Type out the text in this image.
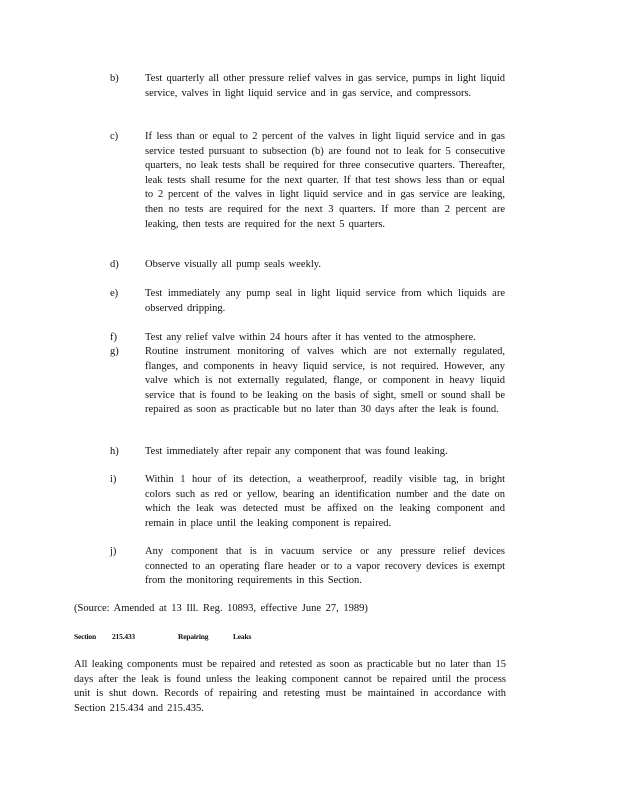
b)	Test quarterly all other pressure relief valves in gas service, pumps in light liquid service, valves in light liquid service and in gas service, and compressors.
c)	If less than or equal to 2 percent of the valves in light liquid service and in gas service tested pursuant to subsection (b) are found not to leak for 5 consecutive quarters, no leak tests shall be required for three consecutive quarters. Thereafter, leak tests shall resume for the next quarter. If that test shows less than or equal to 2 percent of the valves in light liquid service and in gas service are leaking, then no tests are required for the next 3 quarters. If more than 2 percent are leaking, then tests are required for the next 5 quarters.
d)	Observe visually all pump seals weekly.
e)	Test immediately any pump seal in light liquid service from which liquids are observed dripping.
f)	Test any relief valve within 24 hours after it has vented to the atmosphere.
g)	Routine instrument monitoring of valves which are not externally regulated, flanges, and components in heavy liquid service, is not required. However, any valve which is not externally regulated, flange, or component in heavy liquid service that is found to be leaking on the basis of sight, smell or sound shall be repaired as soon as practicable but no later than 30 days after the leak is found.
h)	Test immediately after repair any component that was found leaking.
i)	Within 1 hour of its detection, a weatherproof, readily visible tag, in bright colors such as red or yellow, bearing an identification number and the date on which the leak was detected must be affixed on the leaking component and remain in place until the leaking component is repaired.
j)	Any component that is in vacuum service or any pressure relief devices connected to an operating flare header or to a vapor recovery devices is exempt from the monitoring requirements in this Section.
(Source: Amended at 13 Ill. Reg. 10893, effective June 27, 1989)
Section 215.433	Repairing	Leaks
All leaking components must be repaired and retested as soon as practicable but no later than 15 days after the leak is found unless the leaking component cannot be repaired until the process unit is shut down. Records of repairing and retesting must be maintained in accordance with Section 215.434 and 215.435.
